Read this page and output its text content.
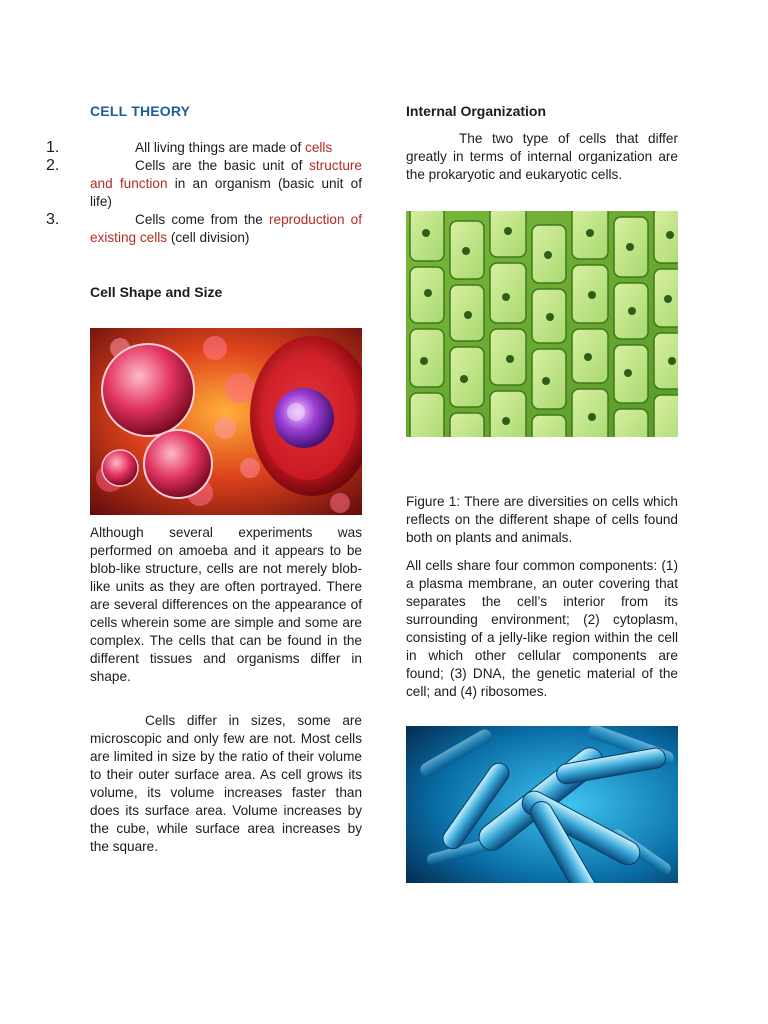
CELL THEORY
1.	All living things are made of cells

2.	Cells are the basic unit of structure and function in an organism (basic unit of life)

3.	Cells come from the reproduction of existing cells (cell division)

Cell Shape and Size

Although several experiments was performed on amoeba and it appears to be blob-like structure, cells are not merely blob-like units as they are often portrayed. There are several differences on the appearance of cells wherein some are simple and some are complex. The cells that can be found in the different tissues and organisms differ in shape.

Cells differ in sizes, some are microscopic and only few are not. Most cells are limited in size by the ratio of their volume to their outer surface area. As cell grows its volume, its volume increases faster than does its surface area. Volume increases by the cube, while surface area increases by the square.

Internal Organization

The two type of cells that differ greatly in terms of internal organization are the prokaryotic and eukaryotic cells.

Figure 1: There are diversities on cells which reflects on the different shape of cells found both on plants and animals.

All cells share four common components: (1) a plasma membrane, an outer covering that separates the cell’s interior from its surrounding environment; (2) cytoplasm, consisting of a jelly-like region within the cell in which other cellular components are found; (3) DNA, the genetic material of the cell; and (4) ribosomes.
